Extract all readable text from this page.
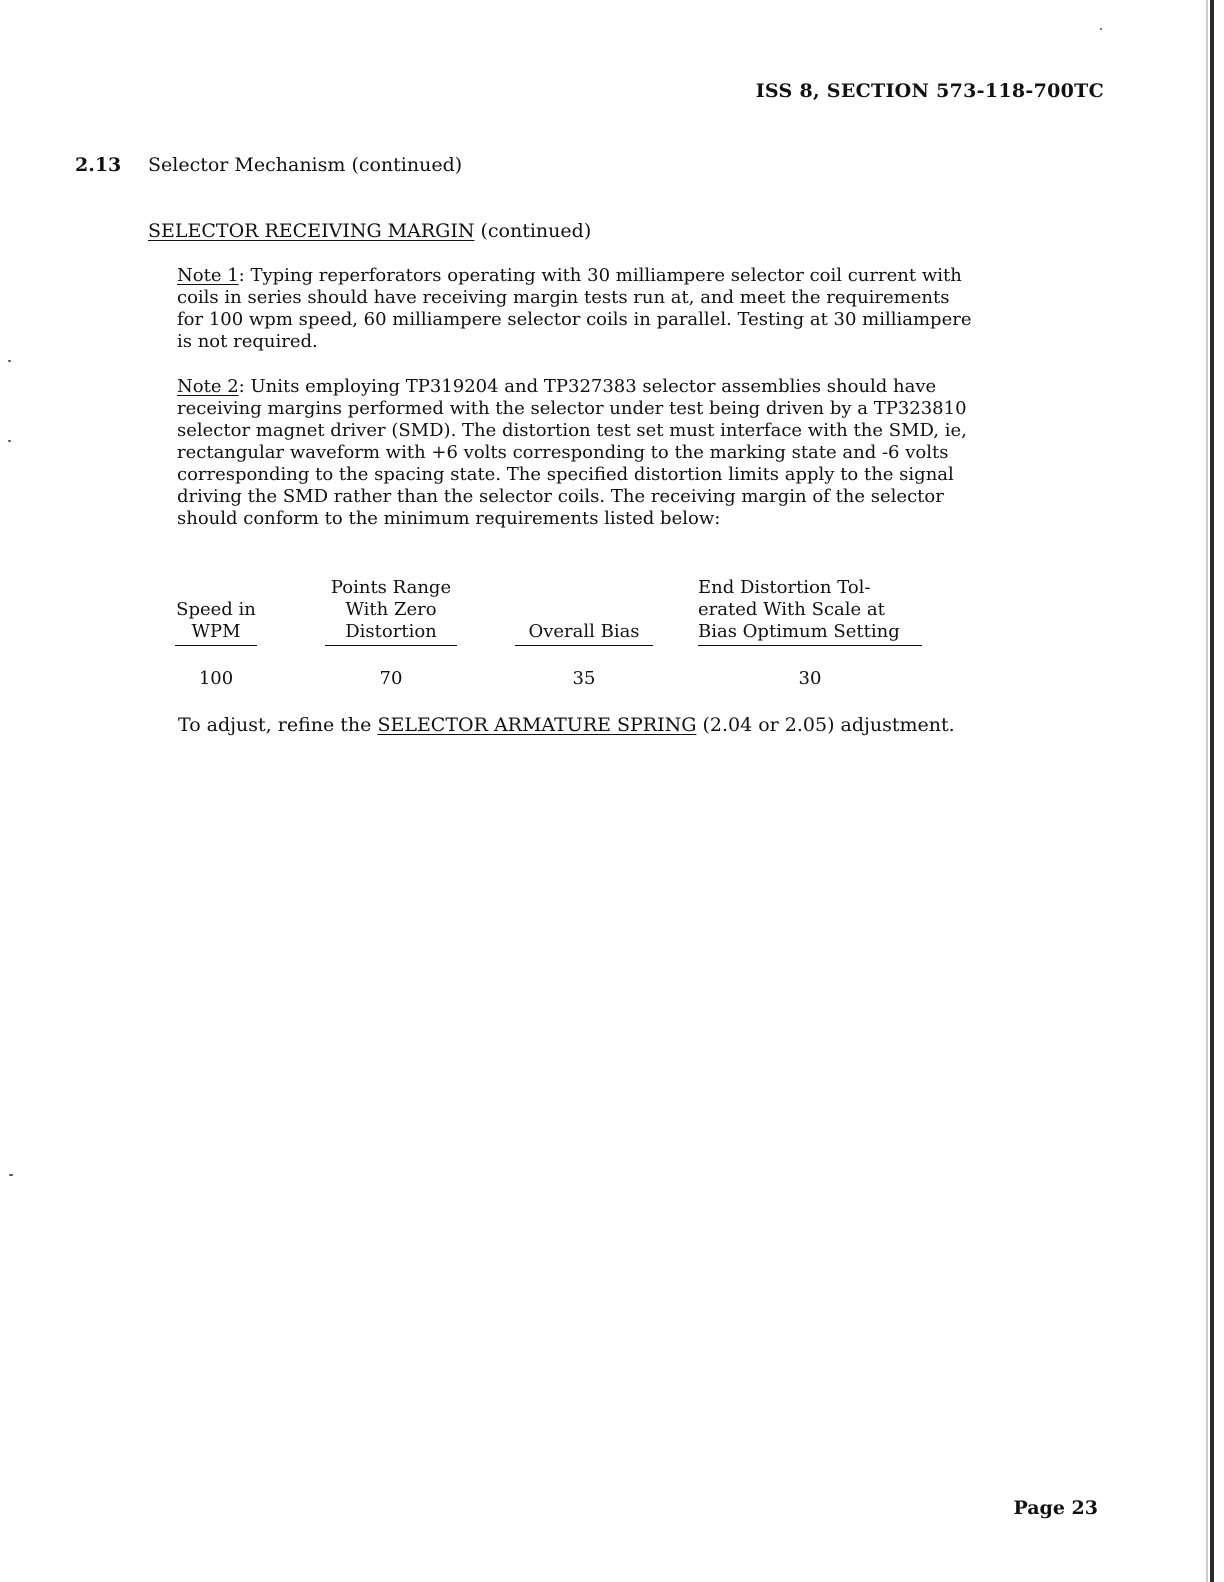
ISS 8, SECTION 573-118-700TC
2.13 Selector Mechanism (continued)
SELECTOR RECEIVING MARGIN (continued)
Note 1: Typing reperforators operating with 30 milliampere selector coil current with coils in series should have receiving margin tests run at, and meet the requirements for 100 wpm speed, 60 milliampere selector coils in parallel. Testing at 30 milliampere is not required.
Note 2: Units employing TP319204 and TP327383 selector assemblies should have receiving margins performed with the selector under test being driven by a TP323810 selector magnet driver (SMD). The distortion test set must interface with the SMD, ie, rectangular waveform with +6 volts corresponding to the marking state and -6 volts corresponding to the spacing state. The specified distortion limits apply to the signal driving the SMD rather than the selector coils. The receiving margin of the selector should conform to the minimum requirements listed below:
Speed in
WPM
100
Points Range
With Zero
Distortion
70
Overall Bias
35
End Distortion Tol-
erated With Scale at
Bias Optimum Setting
30
To adjust, refine the SELECTOR ARMATURE SPRING (2.04 or 2.05) adjustment.
Page 23
